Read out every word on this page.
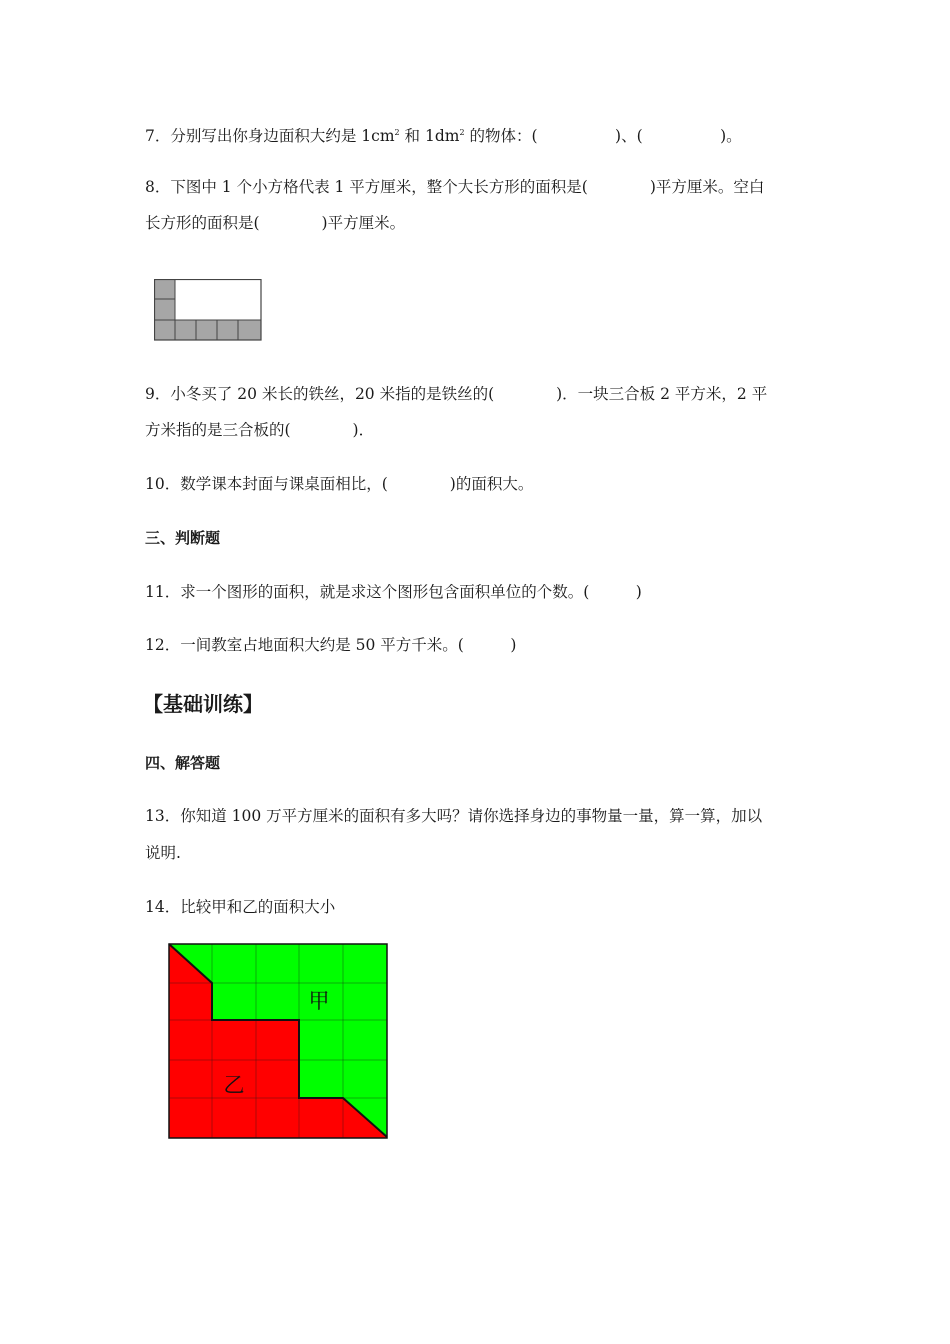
7．分别写出你身边面积大约是 $1cm^2$ 和 $1dm^2$ 的物体：(　　　　　)、(　　　　　)。
8．下图中 1 个小方格代表 1 平方厘米，整个大长方形的面积是(　　　　)平方厘米。空白
长方形的面积是(　　　　)平方厘米。
9．小冬买了 20 米长的铁丝，20 米指的是铁丝的(　　　　)．一块三合板 2 平方米，2 平
方米指的是三合板的(　　　　)．
10．数学课本封面与课桌面相比，(　　　　)的面积大。
三、判断题
11．求一个图形的面积，就是求这个图形包含面积单位的个数。(　　　)
12．一间教室占地面积大约是 50 平方千米。(　　　)
【基础训练】
四、解答题
13．你知道 100 万平方厘米的面积有多大吗？请你选择身边的事物量一量，算一算，加以
说明.
14．比较甲和乙的面积大小
甲
乙
